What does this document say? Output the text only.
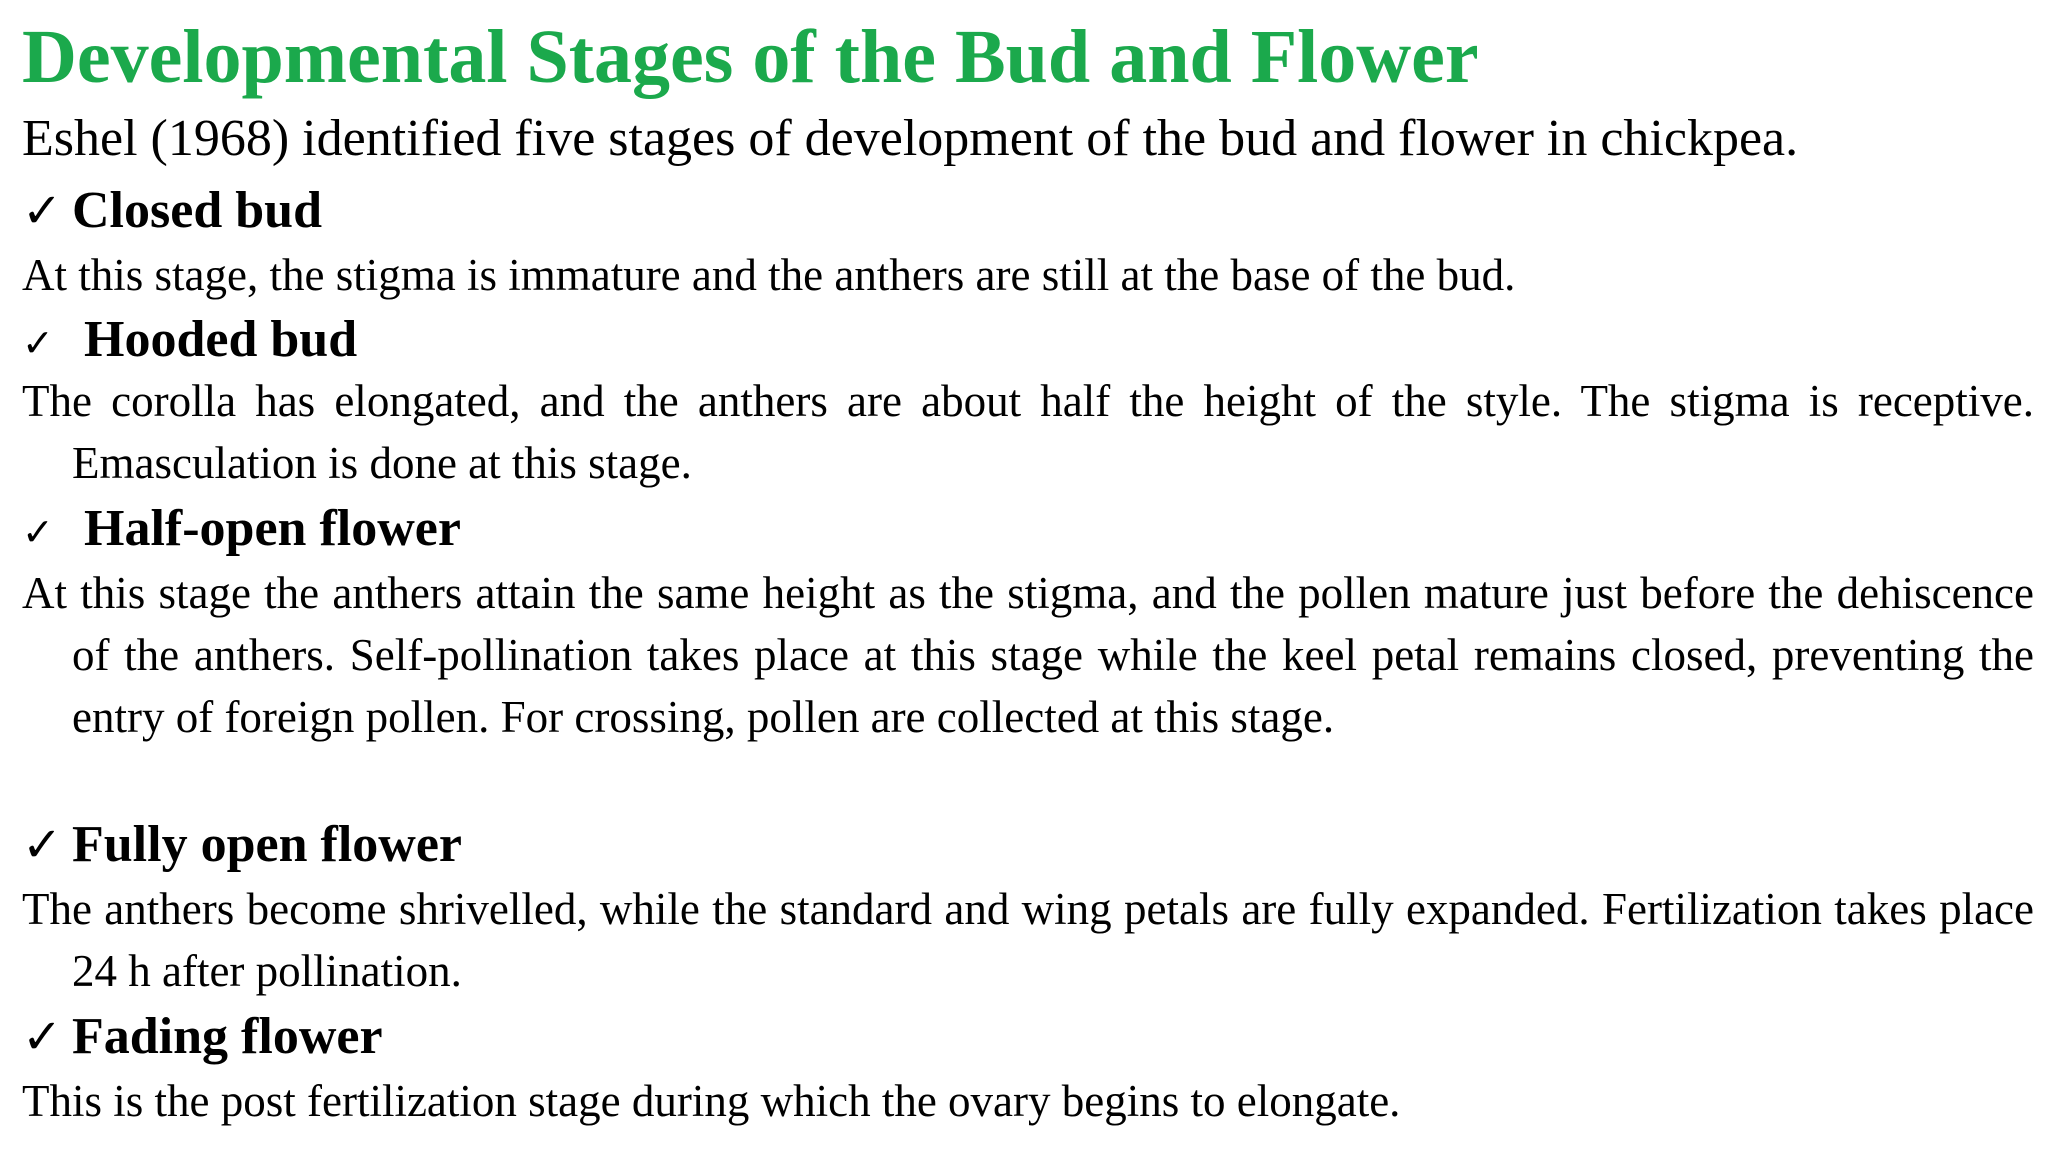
Developmental Stages of the Bud and Flower

Eshel (1968) identified five stages of development of the bud and flower in chickpea.

✓ Closed bud

At this stage, the stigma is immature and the anthers are still at the base of the bud.

✓ Hooded bud

The corolla has elongated, and the anthers are about half the height of the style. The stigma is receptive. Emasculation is done at this stage.

✓ Half-open flower

At this stage the anthers attain the same height as the stigma, and the pollen mature just before the dehiscence of the anthers. Self-pollination takes place at this stage while the keel petal remains closed, preventing the entry of foreign pollen. For crossing, pollen are collected at this stage.

✓ Fully open flower

The anthers become shrivelled, while the standard and wing petals are fully expanded. Fertilization takes place 24 h after pollination.

✓ Fading flower

This is the post fertilization stage during which the ovary begins to elongate.
